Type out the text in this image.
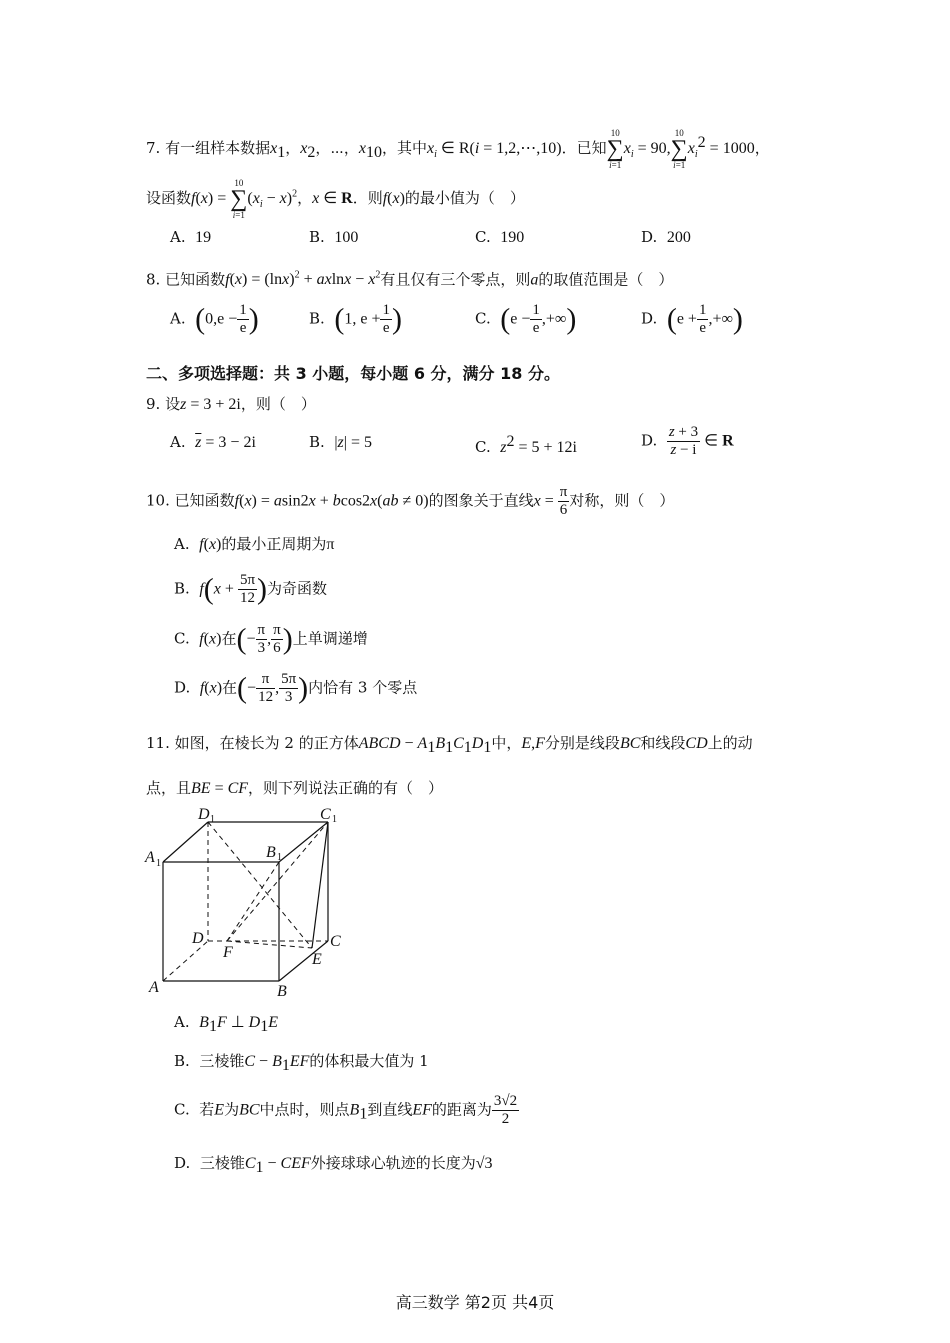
7. 有一组样本数据$x_1$，$x_2$，⋯，$x_{10}$，其中$x_i$ ∈ R(i = 1,2,⋯,10)．已知
10
∑
i=1
$x_i = 90$,
10
∑
i=1
$x_i^2 = 1000$，
设函数f(x) =
10
∑
i=1
$(x_i - x)^2$，x ∈ R．则f(x)的最小值为（　）
A. 19	B. 100	C. 190	D. 200
8. 已知函数$f(x) = (\ln x)^2 + axlnx - x^2$有且仅有三个零点，则a的取值范围是（　）
A. ($0,e - \frac{1}{e}$ )	B. (1, $e + \frac{1}{e}$ )	C. ($e - \frac{1}{e}$ ,+∞)	D. ($e + \frac{1}{e}$ ,+∞)
二、多项选择题：共 3 小题，每小题 6 分，满分 18 分。
9. 设z = 3 + 2i，则（　）
A. $\overline{z} = 3 - 2i$	B. |z| = 5	C. $z^2 = 5 + 12i$	D. $\frac{z + 3}{z - i}$ ∈ R
10. 已知函数f(x) = asin2x + bcos2x(ab ≠ 0)的图象关于直线$x = \frac{\pi}{6}$ 对称，则（　）
A. f(x)的最小正周期为π
B. $f(x + \frac{5\pi}{12}$ )为奇函数
C. f(x)在(− $\frac{\pi}{3}$ , $\frac{\pi}{6}$ )上单调递增
D. f(x)在(− $\frac{\pi}{12}$ , $\frac{5\pi}{3}$ )内恰有 3 个零点
11. 如图，在棱长为 2 的正方体ABCD − $A_1B_1C_1D_1$中，E,F分别是线段BC和线段CD上的动
点，且BE = CF，则下列说法正确的有（　）
D 1	C 1
A 1
B 1
D
F
C
E
A	B
A. $B_1F$ ⊥ $D_1E$
B. 三棱锥$C - B_1EF$的体积最大值为 1
C. 若E为BC中点时，则点$B_1$到直线EF的距离为 $\frac{3√2}{2}$
D. 三棱锥$C_1$ − CEF外接球球心轨迹的长度为√3
高三数学 第2页 共4页
